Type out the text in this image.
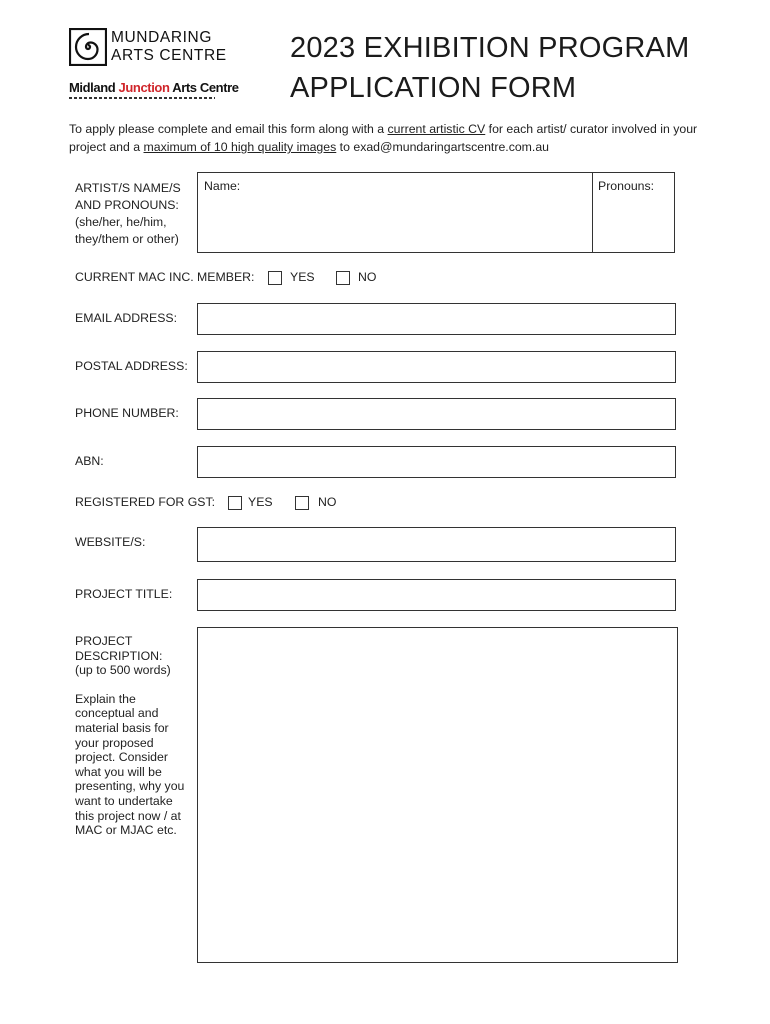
MUNDARING
ARTS CENTRE
Midland Junction Arts Centre
2023 EXHIBITION PROGRAM
APPLICATION FORM
To apply please complete and email this form along with a current artistic CV for each artist/ curator involved in your project and a maximum of 10 high quality images to exad@mundaringartscentre.com.au
ARTIST/S NAME/S
AND PRONOUNS:
(she/her, he/him,
they/them or other)
Name:	Pronouns:
CURRENT MAC INC. MEMBER:	YES	NO
EMAIL ADDRESS:
POSTAL ADDRESS:
PHONE NUMBER:
ABN:
REGISTERED FOR GST:	YES	NO
WEBSITE/S:
PROJECT TITLE:

PROJECT

DESCRIPTION:

(up to 500 words)

Explain the

conceptual and

material basis for

your proposed

project. Consider

what you will be

presenting, why you

want to undertake

this project now / at

MAC or MJAC etc.
